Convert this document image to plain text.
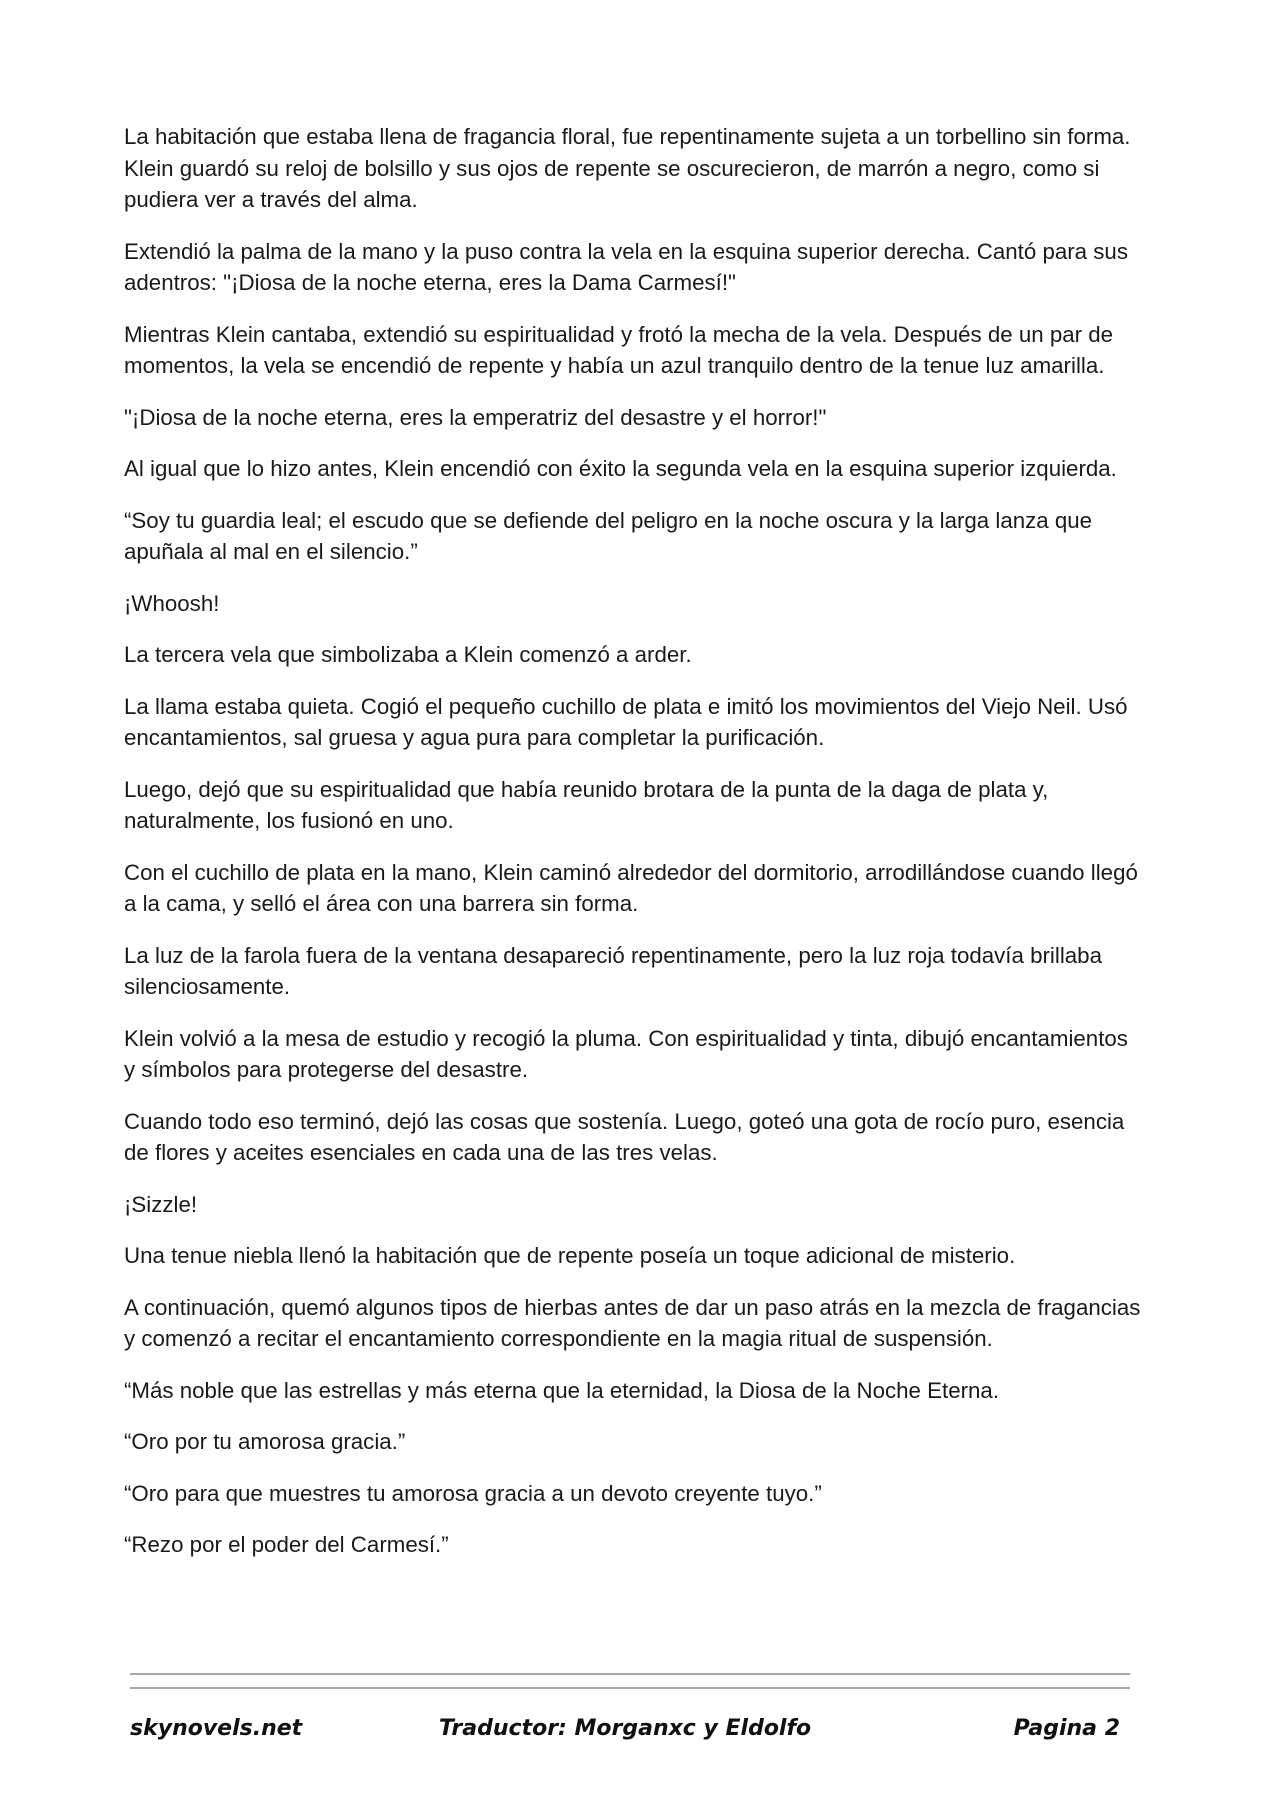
La habitación que estaba llena de fragancia floral, fue repentinamente sujeta a un torbellino sin forma. Klein guardó su reloj de bolsillo y sus ojos de repente se oscurecieron, de marrón a negro, como si pudiera ver a través del alma.

Extendió la palma de la mano y la puso contra la vela en la esquina superior derecha. Cantó para sus adentros: "¡Diosa de la noche eterna, eres la Dama Carmesí!"

Mientras Klein cantaba, extendió su espiritualidad y frotó la mecha de la vela. Después de un par de momentos, la vela se encendió de repente y había un azul tranquilo dentro de la tenue luz amarilla.

"¡Diosa de la noche eterna, eres la emperatriz del desastre y el horror!"

Al igual que lo hizo antes, Klein encendió con éxito la segunda vela en la esquina superior izquierda.

“Soy tu guardia leal; el escudo que se defiende del peligro en la noche oscura y la larga lanza que apuñala al mal en el silencio.”

¡Whoosh!

La tercera vela que simbolizaba a Klein comenzó a arder.

La llama estaba quieta. Cogió el pequeño cuchillo de plata e imitó los movimientos del Viejo Neil. Usó encantamientos, sal gruesa y agua pura para completar la purificación.

Luego, dejó que su espiritualidad que había reunido brotara de la punta de la daga de plata y, naturalmente, los fusionó en uno.

Con el cuchillo de plata en la mano, Klein caminó alrededor del dormitorio, arrodillándose cuando llegó a la cama, y selló el área con una barrera sin forma.

La luz de la farola fuera de la ventana desapareció repentinamente, pero la luz roja todavía brillaba silenciosamente.

Klein volvió a la mesa de estudio y recogió la pluma. Con espiritualidad y tinta, dibujó encantamientos y símbolos para protegerse del desastre.

Cuando todo eso terminó, dejó las cosas que sostenía. Luego, goteó una gota de rocío puro, esencia de flores y aceites esenciales en cada una de las tres velas.

¡Sizzle!

Una tenue niebla llenó la habitación que de repente poseía un toque adicional de misterio.

A continuación, quemó algunos tipos de hierbas antes de dar un paso atrás en la mezcla de fragancias y comenzó a recitar el encantamiento correspondiente en la magia ritual de suspensión.

“Más noble que las estrellas y más eterna que la eternidad, la Diosa de la Noche Eterna.

“Oro por tu amorosa gracia.”

“Oro para que muestres tu amorosa gracia a un devoto creyente tuyo.”

“Rezo por el poder del Carmesí.”

skynovels.net	Traductor: Morganxc y Eldolfo	Pagina 2
